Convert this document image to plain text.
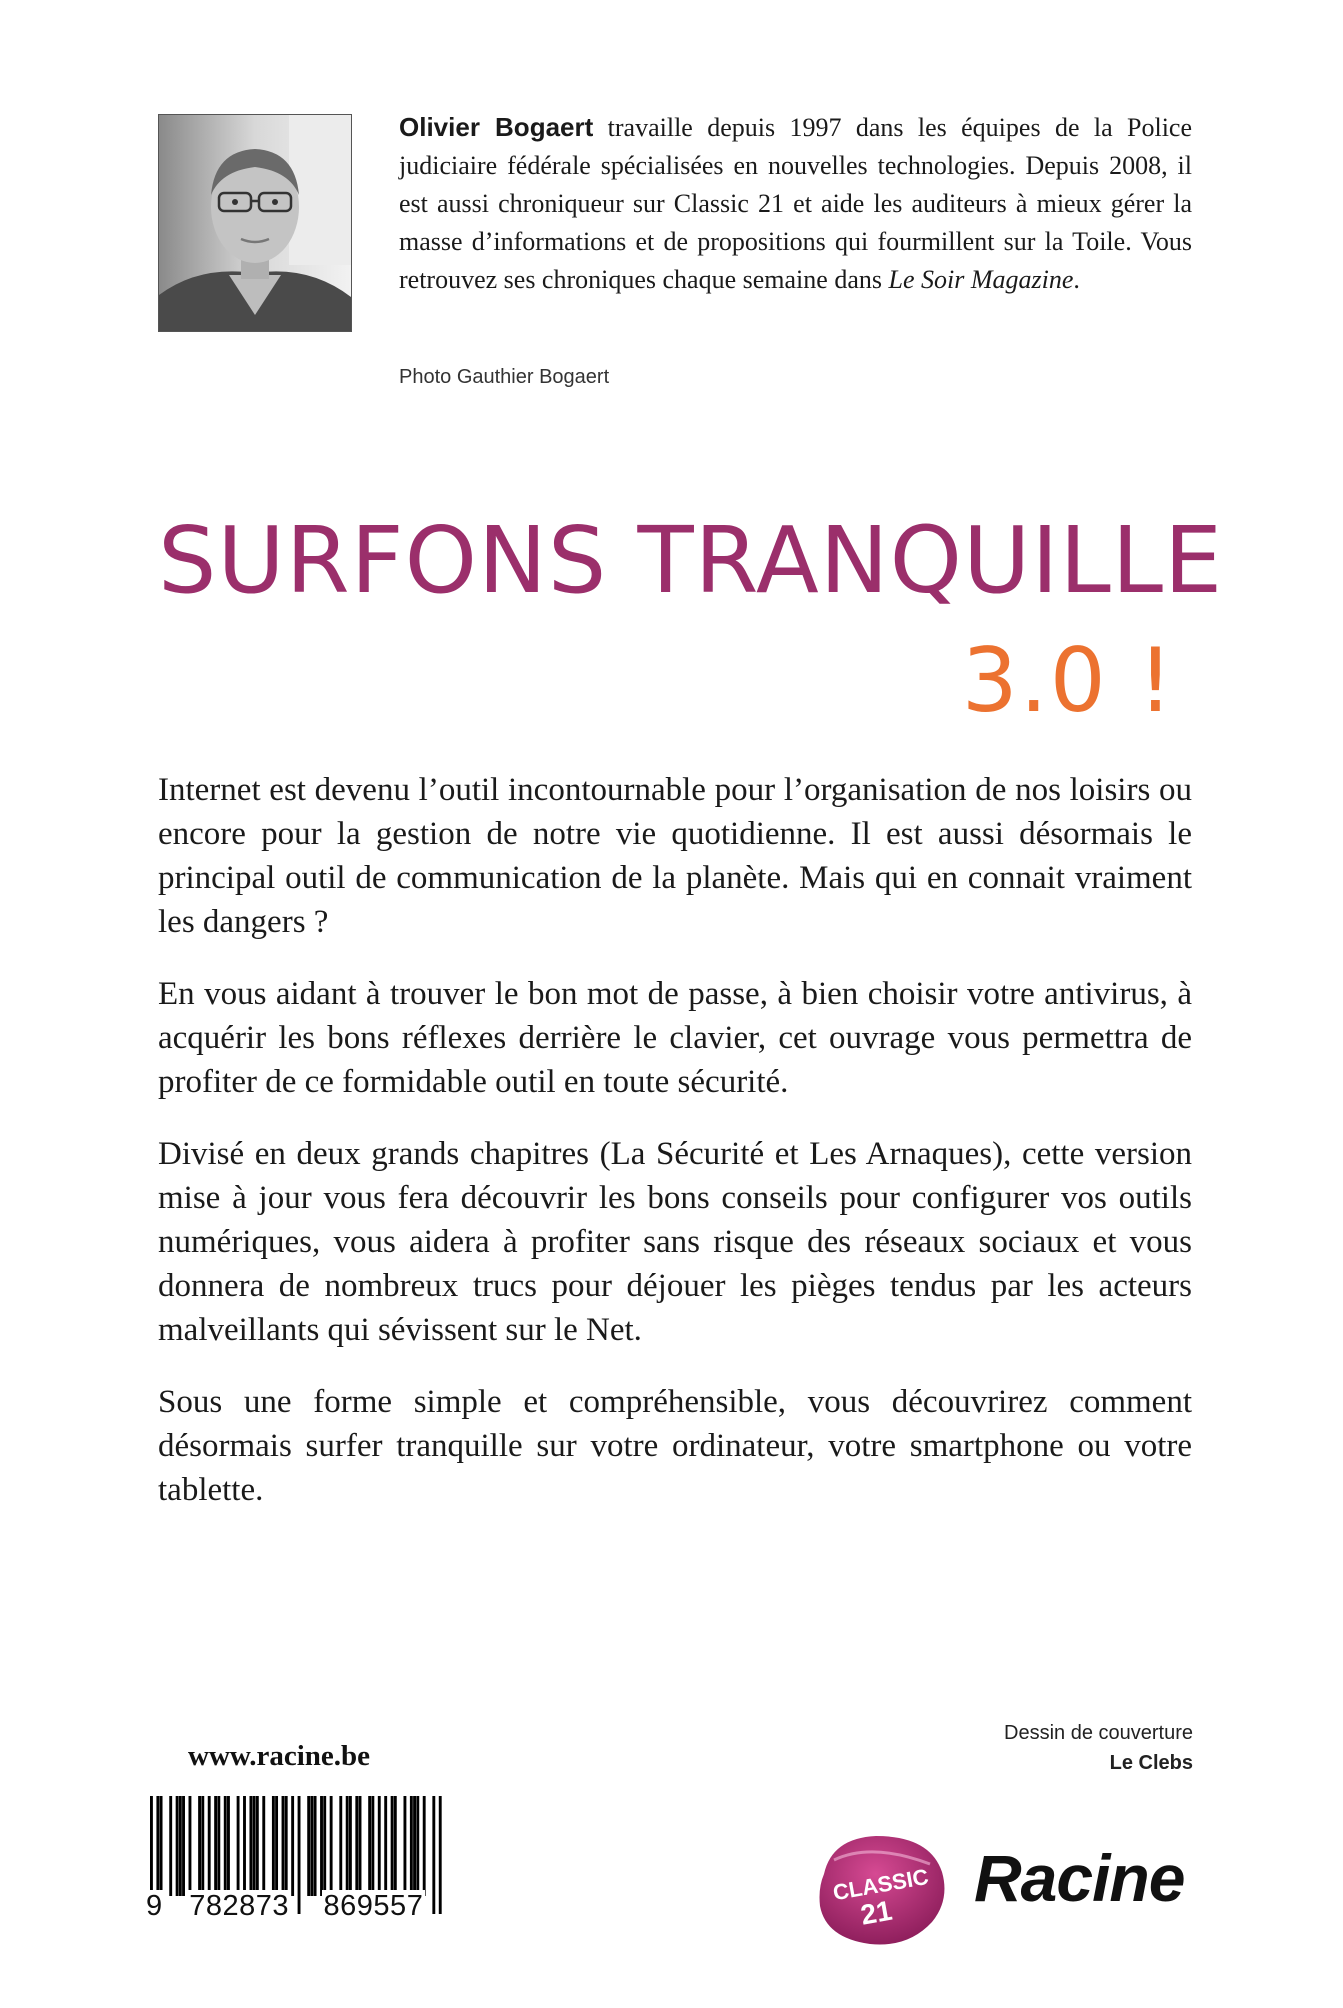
Olivier Bogaert travaille depuis 1997 dans les équipes de la Police judiciaire fédérale spécialisées en nouvelles technologies. Depuis 2008, il est aussi chroniqueur sur Classic 21 et aide les auditeurs à mieux gérer la masse d’informations et de propositions qui fourmillent sur la Toile. Vous retrouvez ses chroniques chaque semaine dans Le Soir Magazine.

Photo Gauthier Bogaert
SURFONS TRANQUILLE
3.0 !

Internet est devenu l’outil incontournable pour l’organisation de nos loisirs ou encore pour la gestion de notre vie quotidienne. Il est aussi désormais le principal outil de communication de la planète. Mais qui en connait vraiment les dangers ?

En vous aidant à trouver le bon mot de passe, à bien choisir votre antivirus, à acquérir les bons réflexes derrière le clavier, cet ouvrage vous permettra de profiter de ce formidable outil en toute sécurité.

Divisé en deux grands chapitres (La Sécurité et Les Arnaques), cette version mise à jour vous fera découvrir les bons conseils pour configurer vos outils numériques, vous aidera à profiter sans risque des réseaux sociaux et vous donnera de nombreux trucs pour déjouer les pièges tendus par les acteurs malveillants qui sévissent sur le Net.

Sous une forme simple et compréhensible, vous découvrirez comment désormais surfer tranquille sur votre ordinateur, votre smartphone ou votre tablette.

Dessin de couverture
Le Clebs
www.racine.be
9 782873 869557
CLASSIC
21 Racine
